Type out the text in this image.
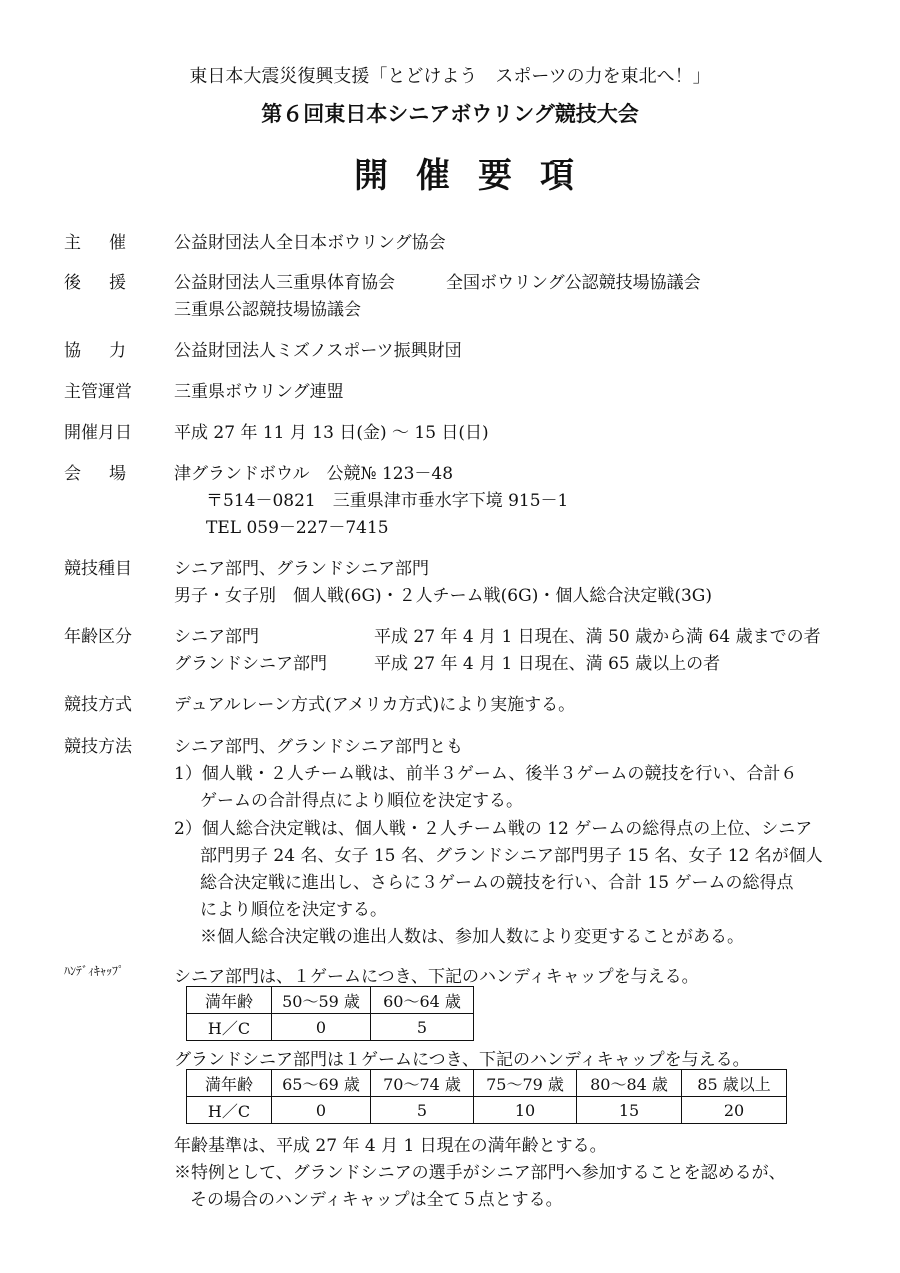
東日本大震災復興支援「とどけよう　スポーツの力を東北へ！」
第６回東日本シニアボウリング競技大会
開催要項
主催 公益財団法人全日本ボウリング協会
後援 公益財団法人三重県体育協会	全国ボウリング公認競技場協議会
三重県公認競技場協議会
協力 公益財団法人ミズノスポーツ振興財団
主管運営 三重県ボウリング連盟
開催月日 平成 27 年 11 月 13 日(金) ～ 15 日(日)
会場 津グランドボウル　公競№ 123－48
〒514－0821　三重県津市垂水字下境 915－1
TEL 059－227－7415
競技種目 シニア部門、グランドシニア部門
男子・女子別　個人戦(6G)・２人チーム戦(6G)・個人総合決定戦(3G)
年齢区分 シニア部門	平成 27 年 4 月 1 日現在、満 50 歳から満 64 歳までの者
グランドシニア部門	平成 27 年 4 月 1 日現在、満 65 歳以上の者
競技方式 デュアルレーン方式(アメリカ方式)により実施する。
競技方法 シニア部門、グランドシニア部門とも
1）個人戦・２人チーム戦は、前半３ゲーム、後半３ゲームの競技を行い、合計６
ゲームの合計得点により順位を決定する。
2）個人総合決定戦は、個人戦・２人チーム戦の 12 ゲームの総得点の上位、シニア
部門男子 24 名、女子 15 名、グランドシニア部門男子 15 名、女子 12 名が個人
総合決定戦に進出し、さらに３ゲームの競技を行い、合計 15 ゲームの総得点
により順位を決定する。
※個人総合決定戦の進出人数は、参加人数により変更することがある。
ﾊﾝﾃﾞｨｷｬｯﾌﾟ	シニア部門は、１ゲームにつき、下記のハンディキャップを与える。
満年齢	50～59 歳	60～64 歳
H／C	0	5
グランドシニア部門は１ゲームにつき、下記のハンディキャップを与える。
満年齢	65～69 歳	70～74 歳	75～79 歳	80～84 歳	85 歳以上
H／C	0	5	10	15	20
年齢基準は、平成 27 年 4 月 1 日現在の満年齢とする。
※特例として、グランドシニアの選手がシニア部門へ参加することを認めるが、
その場合のハンディキャップは全て５点とする。
